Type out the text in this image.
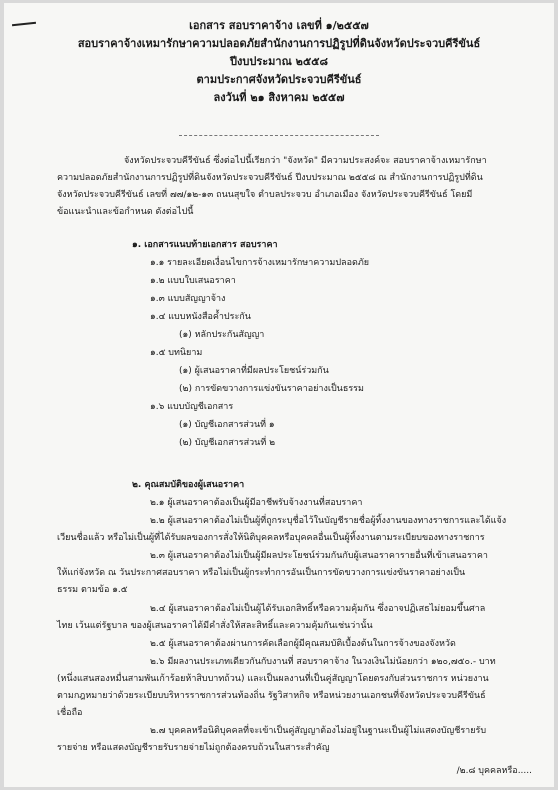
เอกสาร สอบราคาจ้าง เลขที่ ๑/๒๕๕๗
สอบราคาจ้างเหมารักษาความปลอดภัยสำนักงานการปฏิรูปที่ดินจังหวัดประจวบคีรีขันธ์
ปีงบประมาณ ๒๕๕๘
ตามประกาศจังหวัดประจวบคีรีขันธ์
ลงวันที่ ๒๑ สิงหาคม ๒๕๕๗
จังหวัดประจวบคีรีขันธ์ ซึ่งต่อไปนี้เรียกว่า "จังหวัด" มีความประสงค์จะ สอบราคาจ้างเหมารักษา
ความปลอดภัยสำนักงานการปฏิรูปที่ดินจังหวัดประจวบคีรีขันธ์ ปีงบประมาณ ๒๕๕๘ ณ สำนักงานการปฏิรูปที่ดิน
จังหวัดประจวบคีรีขันธ์ เลขที่ ๗๗/๑๒-๑๓ ถนนสุขใจ ตำบลประจวบ อำเภอเมือง จังหวัดประจวบคีรีขันธ์ โดยมี
ข้อแนะนำและข้อกำหนด ดังต่อไปนี้
๑. เอกสารแนบท้ายเอกสาร สอบราคา
๑.๑ รายละเอียดเงื่อนไขการจ้างเหมารักษาความปลอดภัย
๑.๒ แบบใบเสนอราคา
๑.๓ แบบสัญญาจ้าง
๑.๔ แบบหนังสือค้ำประกัน
(๑) หลักประกันสัญญา
๑.๕ บทนิยาม
(๑) ผู้เสนอราคาที่มีผลประโยชน์ร่วมกัน
(๒) การขัดขวางการแข่งขันราคาอย่างเป็นธรรม
๑.๖ แบบบัญชีเอกสาร
(๑) บัญชีเอกสารส่วนที่ ๑
(๒) บัญชีเอกสารส่วนที่ ๒
๒. คุณสมบัติของผู้เสนอราคา
๒.๑ ผู้เสนอราคาต้องเป็นผู้มีอาชีพรับจ้างงานที่สอบราคา
๒.๒ ผู้เสนอราคาต้องไม่เป็นผู้ที่ถูกระบุชื่อไว้ในบัญชีรายชื่อผู้ทิ้งงานของทางราชการและได้แจ้ง
เวียนชื่อแล้ว หรือไม่เป็นผู้ที่ได้รับผลของการสั่งให้นิติบุคคลหรือบุคคลอื่นเป็นผู้ทิ้งงานตามระเบียบของทางราชการ
๒.๓ ผู้เสนอราคาต้องไม่เป็นผู้มีผลประโยชน์ร่วมกันกับผู้เสนอราคารายอื่นที่เข้าเสนอราคา
ให้แก่จังหวัด ณ วันประกาศสอบราคา หรือไม่เป็นผู้กระทำการอันเป็นการขัดขวางการแข่งขันราคาอย่างเป็น
ธรรม ตามข้อ ๑.๕
๒.๔ ผู้เสนอราคาต้องไม่เป็นผู้ได้รับเอกสิทธิ์หรือความคุ้มกัน ซึ่งอาจปฏิเสธไม่ยอมขึ้นศาล
ไทย เว้นแต่รัฐบาล ของผู้เสนอราคาได้มีคำสั่งให้สละสิทธิ์และความคุ้มกันเช่นว่านั้น
๒.๕ ผู้เสนอราคาต้องผ่านการคัดเลือกผู้มีคุณสมบัติเบื้องต้นในการจ้างของจังหวัด
๒.๖ มีผลงานประเภทเดียวกันกับงานที่ สอบราคาจ้าง ในวงเงินไม่น้อยกว่า ๑๒๐,๗๕๐.- บาท
(หนึ่งแสนสองหมื่นสามพันเก้าร้อยห้าสิบบาทถ้วน) และเป็นผลงานที่เป็นคู่สัญญาโดยตรงกับส่วนราชการ หน่วยงาน
ตามกฎหมายว่าด้วยระเบียบบริหารราชการส่วนท้องถิ่น รัฐวิสาหกิจ หรือหน่วยงานเอกชนที่จังหวัดประจวบคีรีขันธ์
เชื่อถือ
๒.๗ บุคคลหรือนิติบุคคลที่จะเข้าเป็นคู่สัญญาต้องไม่อยู่ในฐานะเป็นผู้ไม่แสดงบัญชีรายรับ
รายจ่าย หรือแสดงบัญชีรายรับรายจ่ายไม่ถูกต้องครบถ้วนในสาระสำคัญ
/๒.๘ บุคคลหรือ.....
